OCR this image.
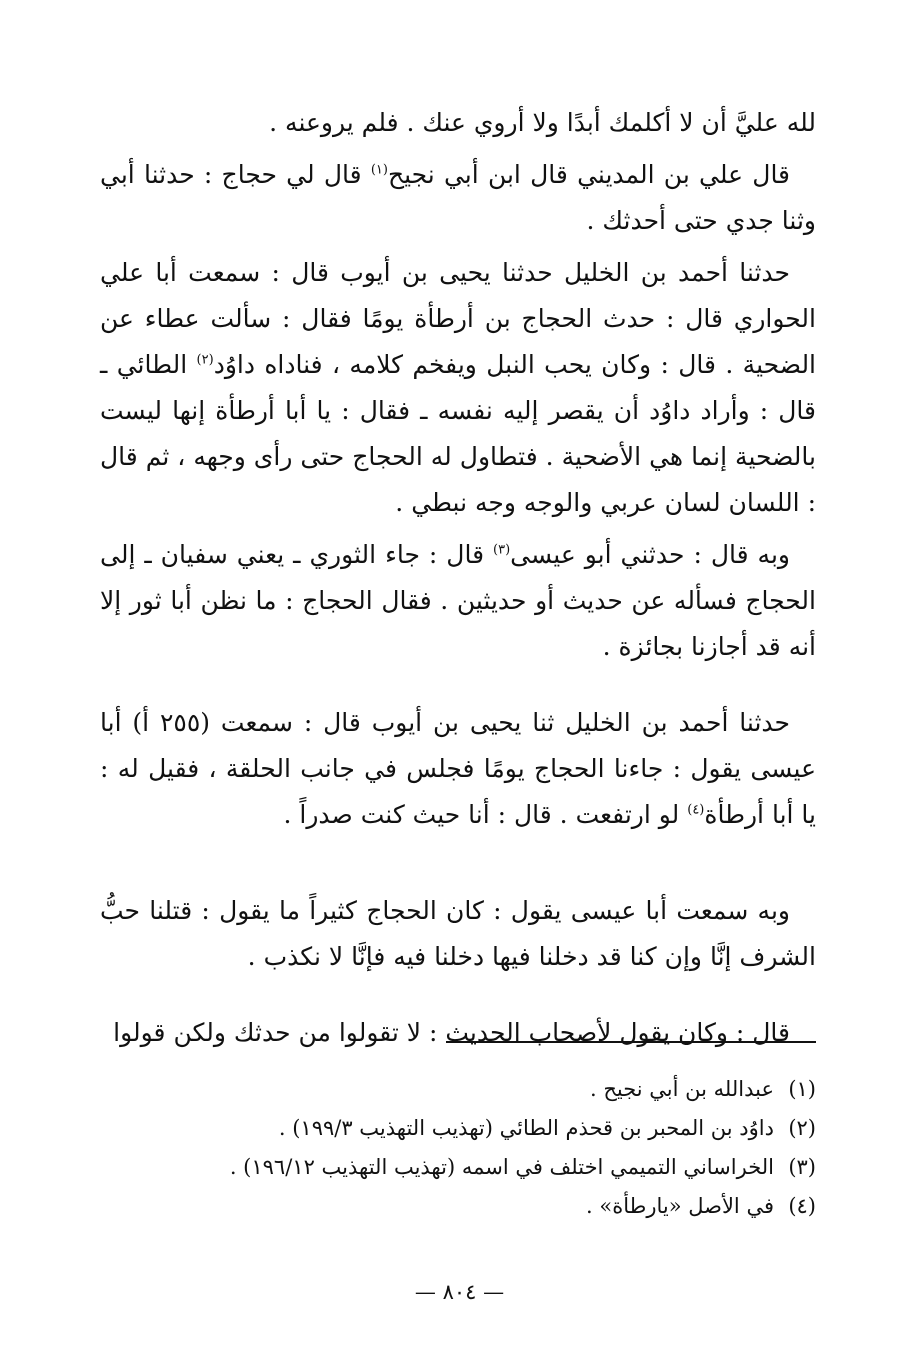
لله عليَّ أن لا أكلمك أبدًا ولا أروي عنك . فلم يروعنه .

قال علي بن المديني قال ابن أبي نجيح$^{(١)}$ قال لي حجاج : حدثنا أبي وثنا جدي حتى أحدثك .

حدثنا أحمد بن الخليل حدثنا يحيى بن أيوب قال : سمعت أبا علي الحواري قال : حدث الحجاج بن أرطأة يومًا فقال : سألت عطاء عن الضحية . قال : وكان يحب النبل ويفخم كلامه ، فناداه داوُد$^{(٢)}$ الطائي ـ قال : وأراد داوُد أن يقصر إليه نفسه ـ فقال : يا أبا أرطأة إنها ليست بالضحية إنما هي الأضحية . فتطاول له الحجاج حتى رأى وجهه ، ثم قال : اللسان لسان عربي والوجه وجه نبطي .

وبه قال : حدثني أبو عيسى$^{(٣)}$ قال : جاء الثوري ـ يعني سفيان ـ إلى الحجاج فسأله عن حديث أو حديثين . فقال الحجاج : ما نظن أبا ثور إلا أنه قد أجازنا بجائزة .

حدثنا أحمد بن الخليل ثنا يحيى بن أيوب قال : سمعت (٢٥٥ أ) أبا عيسى يقول : جاءنا الحجاج يومًا فجلس في جانب الحلقة ، فقيل له : يا أبا أرطأة$^{(٤)}$ لو ارتفعت . قال : أنا حيث كنت صدراً .

وبه سمعت أبا عيسى يقول : كان الحجاج كثيراً ما يقول : قتلنا حبُّ الشرف إنَّا وإن كنا قد دخلنا فيها دخلنا فيه فإنَّا لا نكذب .

قال : وكان يقول لأصحاب الحديث : لا تقولوا من حدثك ولكن قولوا

(١)عبدالله بن أبي نجيح .

(٢)داوُد بن المحبر بن قحذم الطائي (تهذيب التهذيب ١٩٩/٣) .

(٣)الخراساني التميمي اختلف في اسمه (تهذيب التهذيب ١٩٦/١٢) .

(٤)في الأصل «يارطأة» .

— ٨٠٤ —
